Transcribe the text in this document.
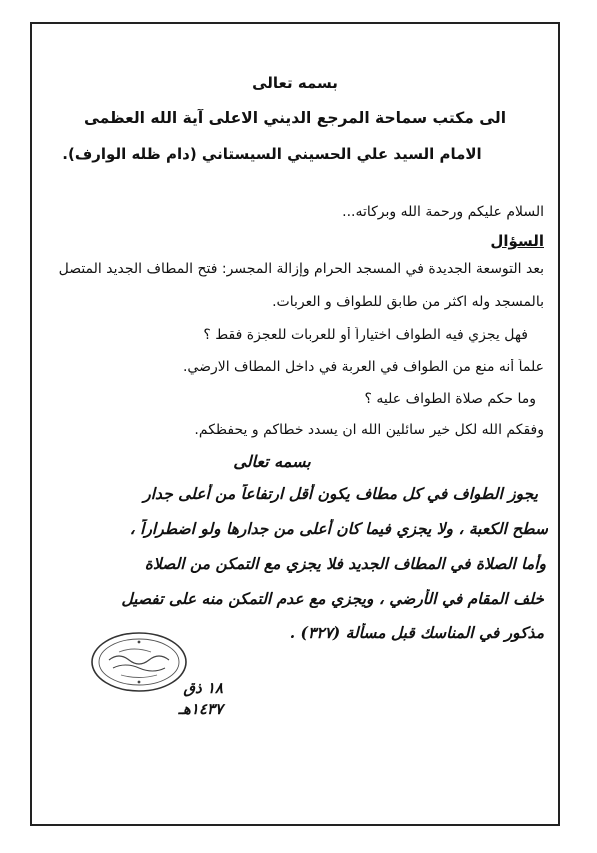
بسمه تعالى
الى مكتب سماحة المرجع الديني الاعلى آية الله العظمى
الامام السيد علي الحسيني السيستاني (دام ظله الوارف).
السلام عليكم ورحمة الله وبركاته...
السؤال
بعد التوسعة الجديدة في المسجد الحرام وإزالة المجسر: فتح المطاف الجديد المتصل
بالمسجد وله اكثر من طابق للطواف و العربات.
فهل يجزي فيه الطواف اختياراً أو للعربات للعجزة فقط ؟
علماً أنه منع من الطواف في العربة في داخل المطاف الارضي.
وما حكم صلاة الطواف عليه ؟
وفقكم الله لكل خير سائلين الله ان يسدد خطاكم و يحفظكم.
بسمه تعالى
يجوز الطواف في كل مطاف يكون أقل ارتفاعاً من أعلى جدار
سطح الكعبة ، ولا يجزي فيما كان أعلى من جدارها ولو اضطراراً ،
وأما الصلاة في المطاف الجديد فلا يجزي مع التمكن من الصلاة
خلف المقام في الأرضي ، ويجزي مع عدم التمكن منه على تفصيل
مذكور في المناسك قبل مسألة (٣٢٧) .
١٨ ذق
١٤٣٧هـ
